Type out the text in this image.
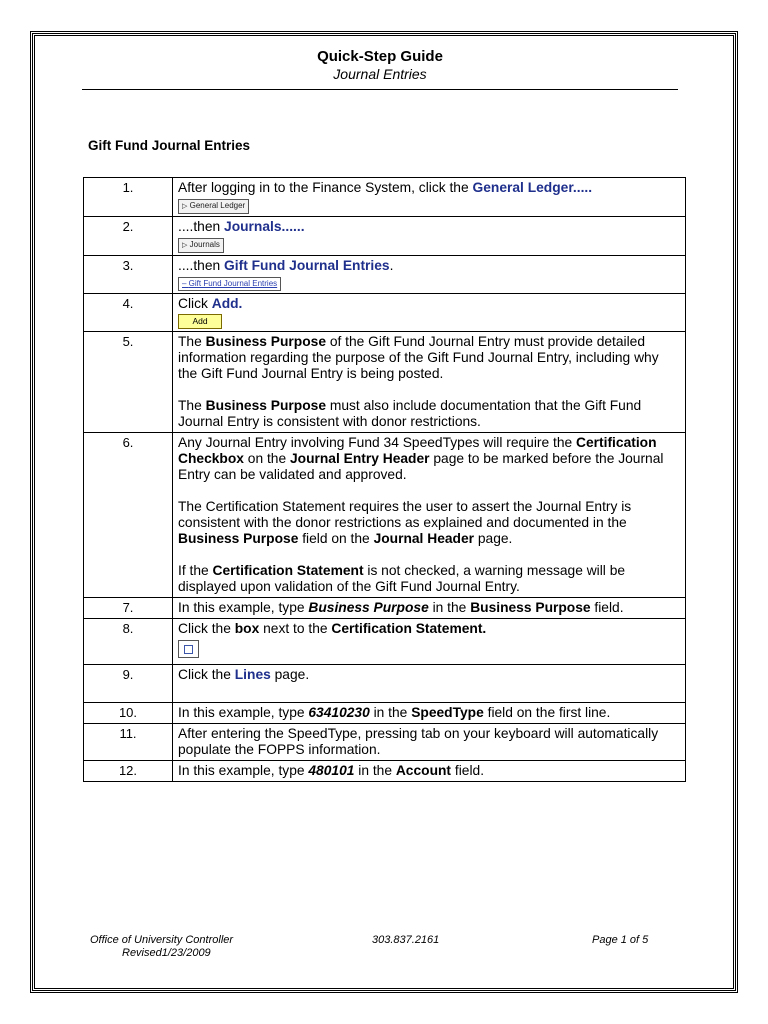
Quick-Step Guide
Journal Entries
Gift Fund Journal Entries
1.	After logging in to the Finance System, click the General Ledger.....
▷ General Ledger
2.	....then Journals......
▷ Journals
3.	....then Gift Fund Journal Entries.
– Gift Fund Journal Entries
4.	Click Add.
Add
5.	The Business Purpose of the Gift Fund Journal Entry must provide detailed information regarding the purpose of the Gift Fund Journal Entry, including why the Gift Fund Journal Entry is being posted.
The Business Purpose must also include documentation that the Gift Fund Journal Entry is consistent with donor restrictions.

6.	Any Journal Entry involving Fund 34 SpeedTypes will require the Certification Checkbox on the Journal Entry Header page to be marked before the Journal Entry can be validated and approved.
The Certification Statement requires the user to assert the Journal Entry is consistent with the donor restrictions as explained and documented in the Business Purpose field on the Journal Header page.
If the Certification Statement is not checked, a warning message will be displayed upon validation of the Gift Fund Journal Entry.

7.	In this example, type Business Purpose in the Business Purpose field.
8.	Click the box next to the Certification Statement.

9.	Click the Lines page.
10.	In this example, type 63410230 in the SpeedType field on the first line.
11.	After entering the SpeedType, pressing tab on your keyboard will automatically populate the FOPPS information.
12.	In this example, type 480101 in the Account field.
Office of University Controller
Revised1/23/2009
303.837.2161	Page 1 of 5
